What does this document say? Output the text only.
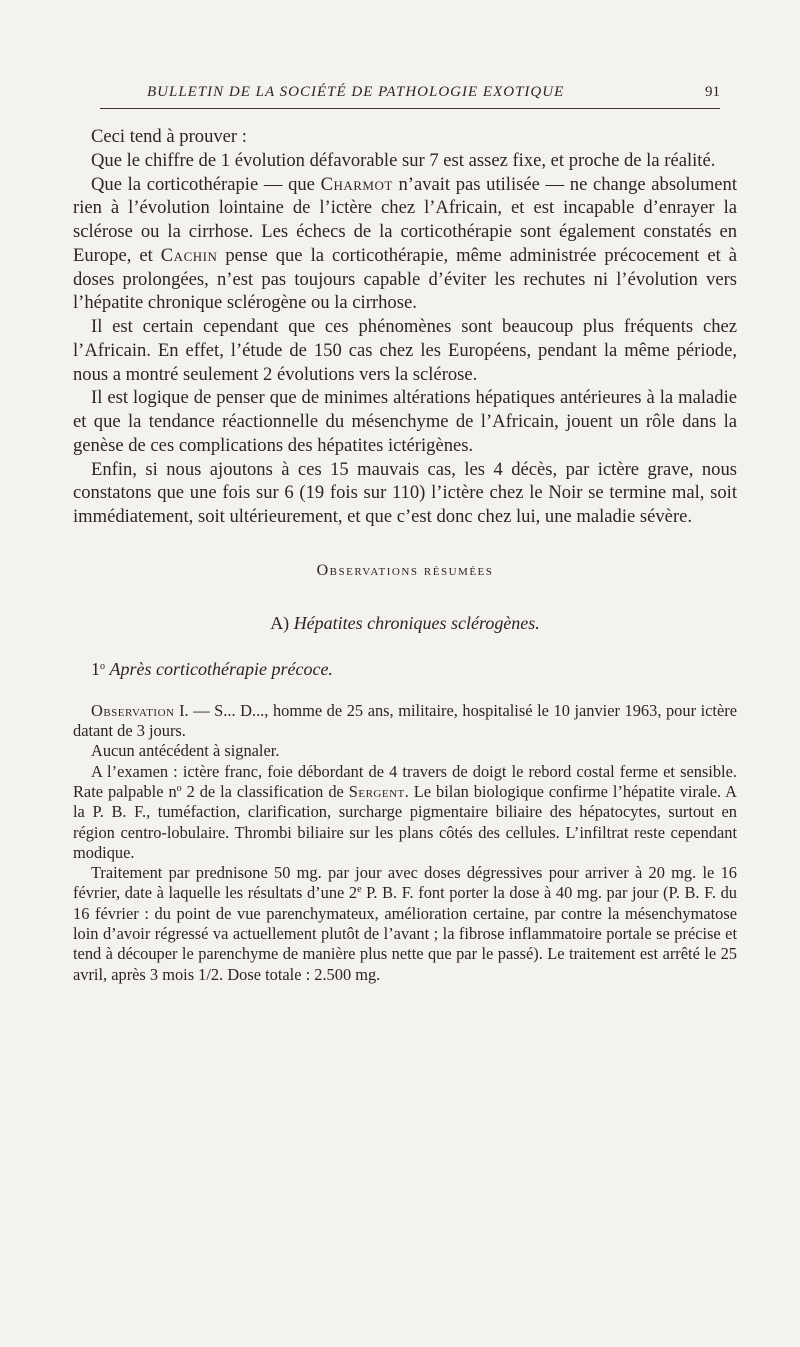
BULLETIN DE LA SOCIÉTÉ DE PATHOLOGIE EXOTIQUE	91

Ceci tend à prouver :

Que le chiffre de 1 évolution défavorable sur 7 est assez fixe, et proche de la réalité.

Que la corticothérapie — que Charmot n’avait pas utilisée — ne change absolument rien à l’évolution lointaine de l’ictère chez l’Africain, et est incapable d’enrayer la sclérose ou la cirrhose. Les échecs de la corticothérapie sont également constatés en Europe, et Cachin pense que la corticothérapie, même administrée précocement et à doses prolongées, n’est pas toujours capable d’éviter les rechutes ni l’évolution vers l’hépatite chronique sclérogène ou la cirrhose.

Il est certain cependant que ces phénomènes sont beaucoup plus fréquents chez l’Africain. En effet, l’étude de 150 cas chez les Européens, pendant la même période, nous a montré seulement 2 évolutions vers la sclérose.

Il est logique de penser que de minimes altérations hépatiques antérieures à la maladie et que la tendance réactionnelle du mésenchyme de l’Africain, jouent un rôle dans la genèse de ces complications des hépatites ictérigènes.

Enfin, si nous ajoutons à ces 15 mauvais cas, les 4 décès, par ictère grave, nous constatons que une fois sur 6 (19 fois sur 110) l’ictère chez le Noir se termine mal, soit immédiatement, soit ultérieurement, et que c’est donc chez lui, une maladie sévère.

Observations résumées
A) Hépatites chroniques sclérogènes.
1$^o$ Après corticothérapie précoce.

Observation I. — S... D..., homme de 25 ans, militaire, hospitalisé le 10 janvier 1963, pour ictère datant de 3 jours.

Aucun antécédent à signaler.

A l’examen : ictère franc, foie débordant de 4 travers de doigt le rebord costal ferme et sensible. Rate palpable $n^o$ 2 de la classification de Sergent. Le bilan biologique confirme l’hépatite virale. A la P. B. F., tuméfaction, clarification, surcharge pigmentaire biliaire des hépatocytes, surtout en région centro-lobulaire. Thrombi biliaire sur les plans côtés des cellules. L’infiltrat reste cependant modique.

Traitement par prednisone 50 mg. par jour avec doses dégressives pour arriver à 20 mg. le 16 février, date à laquelle les résultats d’une 2e P. B. F. font porter la dose à 40 mg. par jour (P. B. F. du 16 février : du point de vue parenchymateux, amélioration certaine, par contre la mésenchymatose loin d’avoir régressé va actuellement plutôt de l’avant ; la fibrose inflammatoire portale se précise et tend à découper le parenchyme de manière plus nette que par le passé). Le traitement est arrêté le 25 avril, après 3 mois 1/2. Dose totale : 2.500 mg.
